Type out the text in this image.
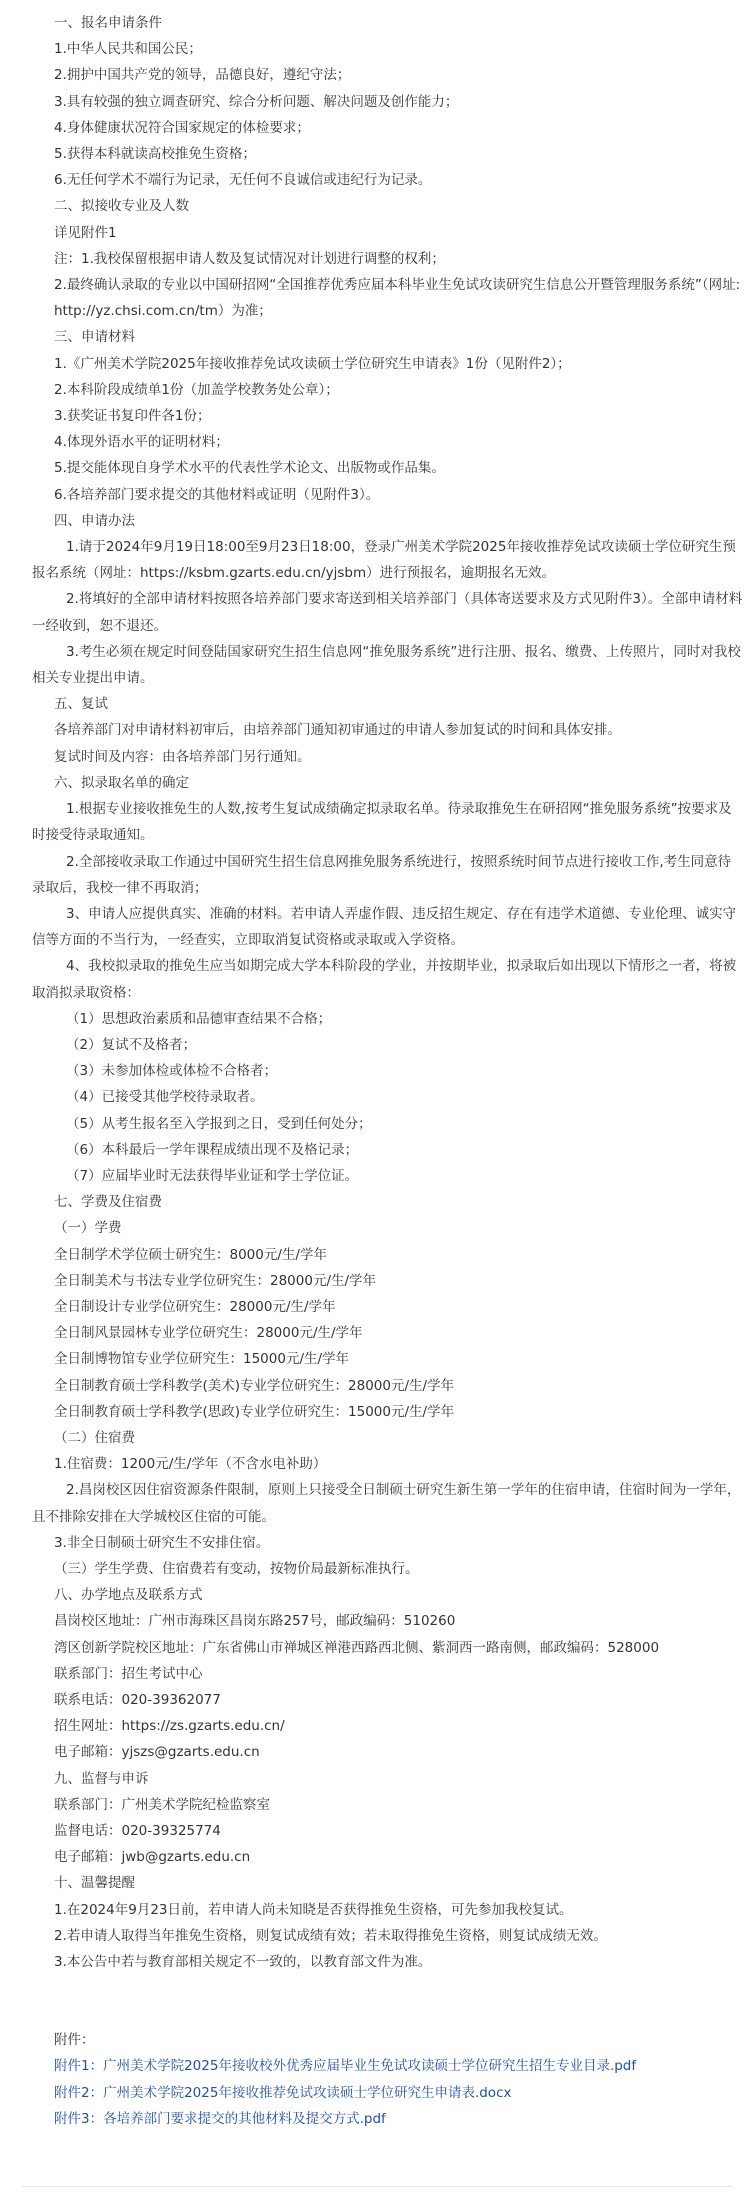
一、报名申请条件

1.中华人民共和国公民；

2.拥护中国共产党的领导，品德良好，遵纪守法；

3.具有较强的独立调查研究、综合分析问题、解决问题及创作能力；

4.身体健康状况符合国家规定的体检要求；

5.获得本科就读高校推免生资格；

6.无任何学术不端行为记录，无任何不良诚信或违纪行为记录。

二、拟接收专业及人数

详见附件1

注：1.我校保留根据申请人数及复试情况对计划进行调整的权利；

2.最终确认录取的专业以中国研招网“全国推荐优秀应届本科毕业生免试攻读研究生信息公开暨管理服务系统”（网址:http://yz.chsi.com.cn/tm）为准；

三、申请材料

1.《广州美术学院2025年接收推荐免试攻读硕士学位研究生申请表》1份（见附件2）；

2.本科阶段成绩单1份（加盖学校教务处公章）；

3.获奖证书复印件各1份；

4.体现外语水平的证明材料；

5.提交能体现自身学术水平的代表性学术论文、出版物或作品集。

6.各培养部门要求提交的其他材料或证明（见附件3）。

四、申请办法

1.请于2024年9月19日18:00至9月23日18:00，登录广州美术学院2025年接收推荐免试攻读硕士学位研究生预报名系统（网址：https://ksbm.gzarts.edu.cn/yjsbm）进行预报名，逾期报名无效。

2.将填好的全部申请材料按照各培养部门要求寄送到相关培养部门（具体寄送要求及方式见附件3）。全部申请材料一经收到，恕不退还。

3.考生必须在规定时间登陆国家研究生招生信息网“推免服务系统”进行注册、报名、缴费、上传照片，同时对我校相关专业提出申请。

五、复试

各培养部门对申请材料初审后，由培养部门通知初审通过的申请人参加复试的时间和具体安排。

复试时间及内容：由各培养部门另行通知。

六、拟录取名单的确定

1.根据专业接收推免生的人数,按考生复试成绩确定拟录取名单。待录取推免生在研招网“推免服务系统”按要求及时接受待录取通知。

2.全部接收录取工作通过中国研究生招生信息网推免服务系统进行，按照系统时间节点进行接收工作,考生同意待录取后，我校一律不再取消；

3、申请人应提供真实、准确的材料。若申请人弄虚作假、违反招生规定、存在有违学术道德、专业伦理、诚实守信等方面的不当行为，一经查实，立即取消复试资格或录取或入学资格。

4、我校拟录取的推免生应当如期完成大学本科阶段的学业，并按期毕业，拟录取后如出现以下情形之一者，将被取消拟录取资格：

（1）思想政治素质和品德审查结果不合格；

（2）复试不及格者；

（3）未参加体检或体检不合格者；

（4）已接受其他学校待录取者。

（5）从考生报名至入学报到之日，受到任何处分；

（6）本科最后一学年课程成绩出现不及格记录；

（7）应届毕业时无法获得毕业证和学士学位证。

七、学费及住宿费

（一）学费

全日制学术学位硕士研究生：8000元/生/学年

全日制美术与书法专业学位研究生：28000元/生/学年

全日制设计专业学位研究生：28000元/生/学年

全日制风景园林专业学位研究生：28000元/生/学年

全日制博物馆专业学位研究生：15000元/生/学年

全日制教育硕士学科教学(美术)专业学位研究生：28000元/生/学年

全日制教育硕士学科教学(思政)专业学位研究生：15000元/生/学年

（二）住宿费

1.住宿费：1200元/生/学年（不含水电补助）

2.昌岗校区因住宿资源条件限制，原则上只接受全日制硕士研究生新生第一学年的住宿申请，住宿时间为一学年，且不排除安排在大学城校区住宿的可能。

3.非全日制硕士研究生不安排住宿。

（三）学生学费、住宿费若有变动，按物价局最新标准执行。

八、办学地点及联系方式

昌岗校区地址：广州市海珠区昌岗东路257号，邮政编码：510260

湾区创新学院校区地址：广东省佛山市禅城区禅港西路西北侧、紫洞西一路南侧，邮政编码：528000

联系部门：招生考试中心

联系电话：020-39362077

招生网址：https://zs.gzarts.edu.cn/

电子邮箱：yjszs@gzarts.edu.cn

九、监督与申诉

联系部门：广州美术学院纪检监察室

监督电话：020-39325774

电子邮箱：jwb@gzarts.edu.cn

十、温馨提醒

1.在2024年9月23日前，若申请人尚未知晓是否获得推免生资格，可先参加我校复试。

2.若申请人取得当年推免生资格，则复试成绩有效；若未取得推免生资格，则复试成绩无效。

3.本公告中若与教育部相关规定不一致的，以教育部文件为准。

附件：

附件1：广州美术学院2025年接收校外优秀应届毕业生免试攻读硕士学位研究生招生专业目录.pdf

附件2：广州美术学院2025年接收推荐免试攻读硕士学位研究生申请表.docx

附件3：各培养部门要求提交的其他材料及提交方式.pdf
